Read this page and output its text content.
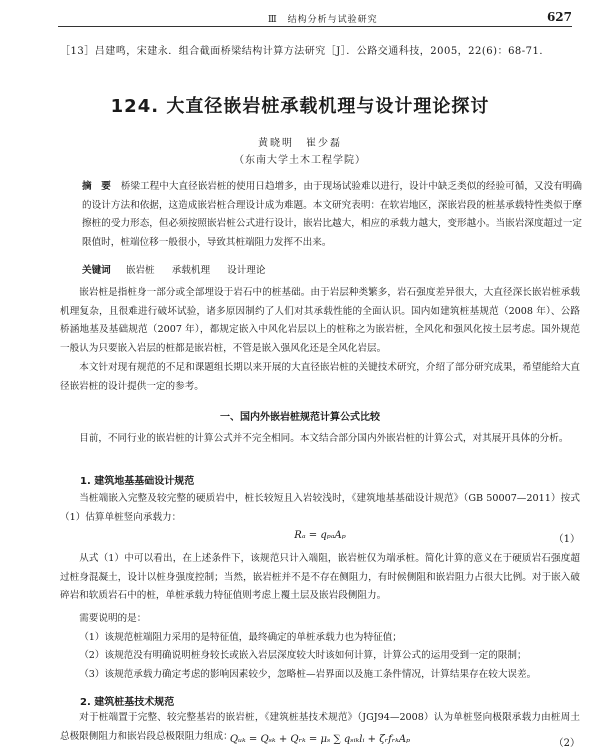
Ⅲ　结构分析与试验研究	627
［13］吕建鸣，宋建永．组合截面桥梁结构计算方法研究［J］．公路交通科技，2005，22(6)：68-71．
124. 大直径嵌岩桩承载机理与设计理论探讨
黄晓明　崔少磊
（东南大学土木工程学院）
摘　要 桥梁工程中大直径嵌岩桩的使用日趋增多，由于现场试验难以进行，设计中缺乏类似的经验可循，又没有明确的设计方法和依据，这造成嵌岩桩合理设计成为难题。本文研究表明：在软岩地区，深嵌岩段的桩基承载特性类似于摩擦桩的受力形态，但必须按照嵌岩桩公式进行设计，嵌岩比越大，相应的承载力越大，变形越小。当嵌岩深度超过一定限值时，桩端位移一般很小，导致其桩端阻力发挥不出来。
关键词 嵌岩桩 承载机理 设计理论

嵌岩桩是指桩身一部分或全部埋设于岩石中的桩基础。由于岩层种类繁多，岩石强度差异很大，大直径深长嵌岩桩承载机理复杂，且很难进行破坏试验，诸多原因制约了人们对其承载性能的全面认识。国内如建筑桩基规范（2008 年）、公路桥涵地基及基础规范（2007 年），都规定嵌入中风化岩层以上的桩称之为嵌岩桩，全风化和强风化按土层考虑。国外规范一般认为只要嵌入岩层的桩都是嵌岩桩，不管是嵌入强风化还是全风化岩层。

本文针对现有规范的不足和课题组长期以来开展的大直径嵌岩桩的关键技术研究，介绍了部分研究成果，希望能给大直径嵌岩桩的设计提供一定的参考。

一、国内外嵌岩桩规范计算公式比较

目前，不同行业的嵌岩桩的计算公式并不完全相同。本文结合部分国内外嵌岩桩的计算公式，对其展开具体的分析。

1. 建筑地基基础设计规范

当桩端嵌入完整及较完整的硬质岩中，桩长较短且入岩较浅时，《建筑地基基础设计规范》（GB 50007—2011）按式（1）估算单桩竖向承载力：

Rₐ = qₚₐAₚ	（1）

从式（1）中可以看出，在上述条件下，该规范只计入端阻，嵌岩桩仅为端承桩。简化计算的意义在于硬质岩石强度超过桩身混凝土，设计以桩身强度控制；当然，嵌岩桩并不是不存在侧阻力，有时候侧阻和嵌岩阻力占很大比例。对于嵌入破碎岩和软质岩石中的桩，单桩承载力特征值则考虑上覆土层及嵌岩段侧阻力。

需要说明的是：

（1）该规范桩端阻力采用的是特征值，最终确定的单桩承载力也为特征值；

（2）该规范没有明确说明桩身较长或嵌入岩层深度较大时该如何计算，计算公式的运用受到一定的限制；

（3）该规范承载力确定考虑的影响因素较少，忽略桩—岩界面以及施工条件情况，计算结果存在较大误差。

2. 建筑桩基技术规范

对于桩端置于完整、较完整基岩的嵌岩桩，《建筑桩基技术规范》（JGJ94—2008）认为单桩竖向极限承载力由桩周土总极限侧阻力和嵌岩段总极限阻力组成：

Qᵤₖ = Qₛₖ + Qᵣₖ = μₛ ∑ qₛᵢₖlᵢ + ζᵣfᵣₖAₚ	（2）
